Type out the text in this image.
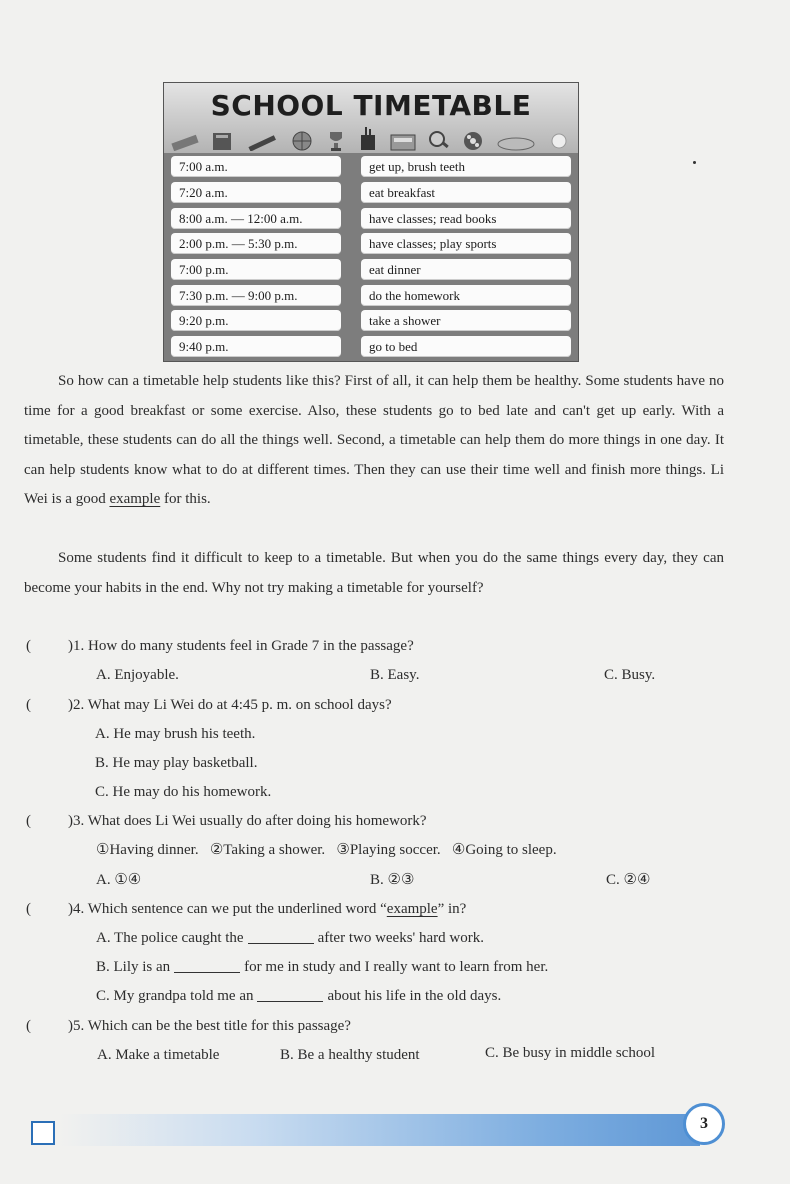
SCHOOL TIMETABLE
7:00 a.m.	get up, brush teeth
7:20 a.m.	eat breakfast
8:00 a.m. — 12:00 a.m.	have classes; read books
2:00 p.m. — 5:30 p.m.	have classes; play sports
7:00 p.m.	eat dinner
7:30 p.m. — 9:00 p.m.	do the homework
9:20 p.m.	take a shower
9:40 p.m.	go to bed
So how can a timetable help students like this? First of all, it can help them be healthy. Some students have no time for a good breakfast or some exercise. Also, these students go to bed late and can't get up early. With a timetable, these students can do all the things well. Second, a timetable can help them do more things in one day. It can help students know what to do at different times. Then they can use their time well and finish more things. Li Wei is a good example for this.
Some students find it difficult to keep to a timetable. But when you do the same things every day, they can become your habits in the end. Why not try making a timetable for yourself?
( )1. How do many students feel in Grade 7 in the passage?
A. Enjoyable.	B. Easy.	C. Busy.
( )2. What may Li Wei do at 4:45 p. m. on school days?
A. He may brush his teeth.
B. He may play basketball.
C. He may do his homework.
( )3. What does Li Wei usually do after doing his homework?
①Having dinner.   ②Taking a shower.   ③Playing soccer.   ④Going to sleep.
A. ①④	B. ②③	C. ②④
( )4. Which sentence can we put the underlined word “example” in?
A. The police caught the	after two weeks' hard work.
B. Lily is an	for me in study and I really want to learn from her.
C. My grandpa told me an	about his life in the old days.
( )5. Which can be the best title for this passage?
A. Make a timetable	B. Be a healthy student	C. Be busy in middle school
3
